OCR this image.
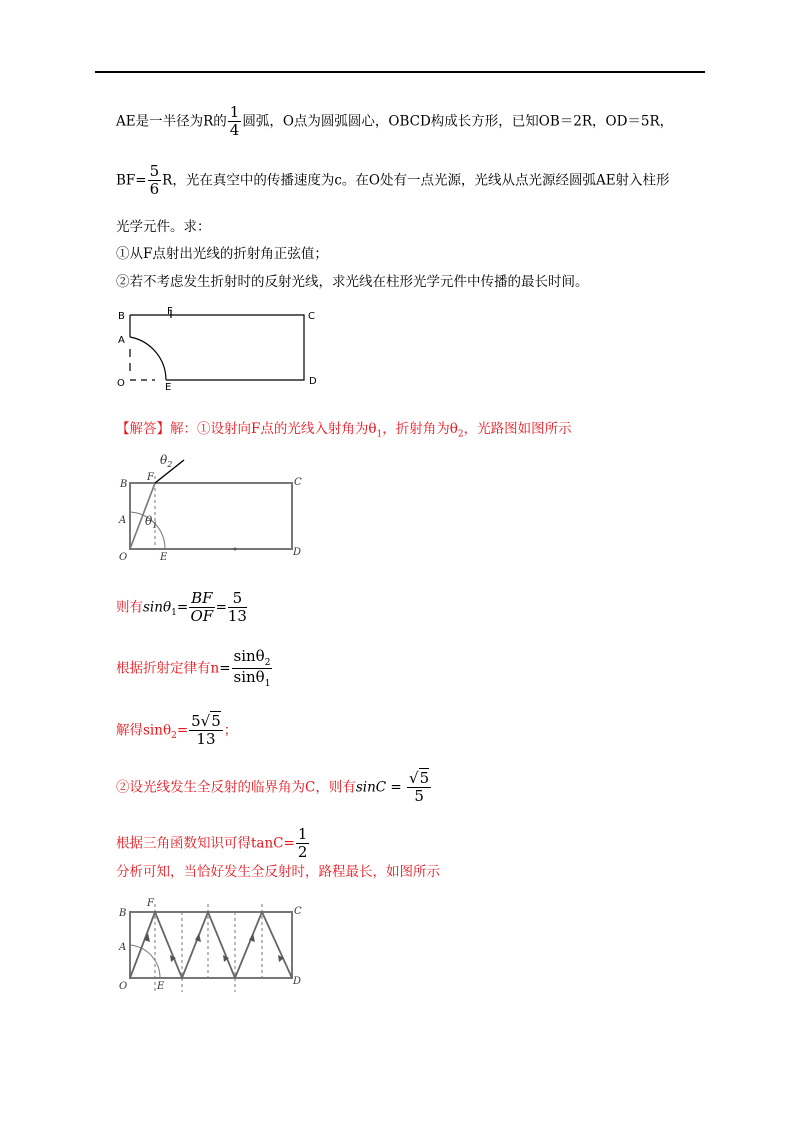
AE是一半径为R的 $\frac{1}{4}$ 圆弧，O点为圆弧圆心，OBCD构成长方形，已知OB＝2R，OD＝5R，
$BF= \frac{5}{6}$ R，光在真空中的传播速度为c。在O处有一点光源，光线从点光源经圆弧AE射入柱形
光学元件。求：
①从F点射出光线的折射角正弦值；
②若不考虑发生折射时的反射光线，求光线在柱形光学元件中传播的最长时间。
B	F	C
A
O	E
D
【解答】解：①设射向F点的光线入射角为$\theta_1$，折射角为$\theta_2$，光路图如图所示
$\theta_2$
F
B	C
A $\theta_1$
O	E	D
则有$\sin\theta_1= \frac{BF}{OF} = \frac{5}{13}$
根据折射定律有$n= \frac{\sin\theta_2}{\sin\theta_1}$
解得$\sin\theta_2= \frac{5√5}{13}$ ；
②设光线发生全反射的临界角为C，则有$\sin C = \frac{√5}{5}$
根据三角函数知识可得$\tan C= \frac{1}{2}$
分析可知，当恰好发生全反射时，路程最长，如图所示
F
B	C
A
O	E	D
